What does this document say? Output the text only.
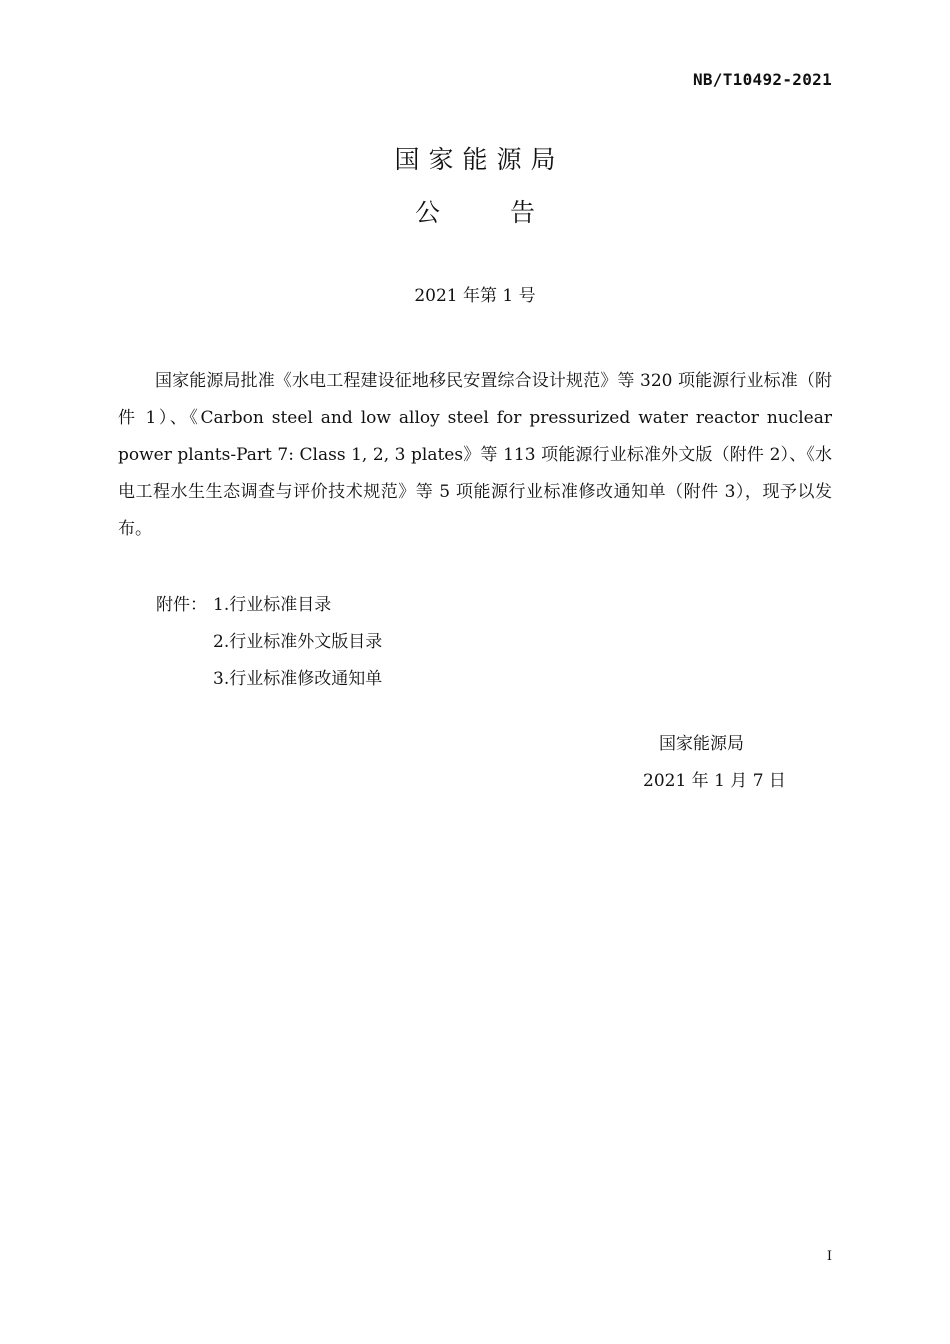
NB/T10492-2021
国家能源局
公告
2021 年第 1 号

国家能源局批准《水电工程建设征地移民安置综合设计规范》等 320 项能源行业标准（附件 1）、《Carbon steel and low alloy steel for pressurized water reactor nuclear power plants-Part 7: Class 1, 2, 3 plates》等 113 项能源行业标准外文版（附件 2）、《水电工程水生生态调查与评价技术规范》等 5 项能源行业标准修改通知单（附件 3），现予以发布。

附件： 1.行业标准目录
2.行业标准外文版目录
3.行业标准修改通知单
国家能源局
2021 年 1 月 7 日
I
